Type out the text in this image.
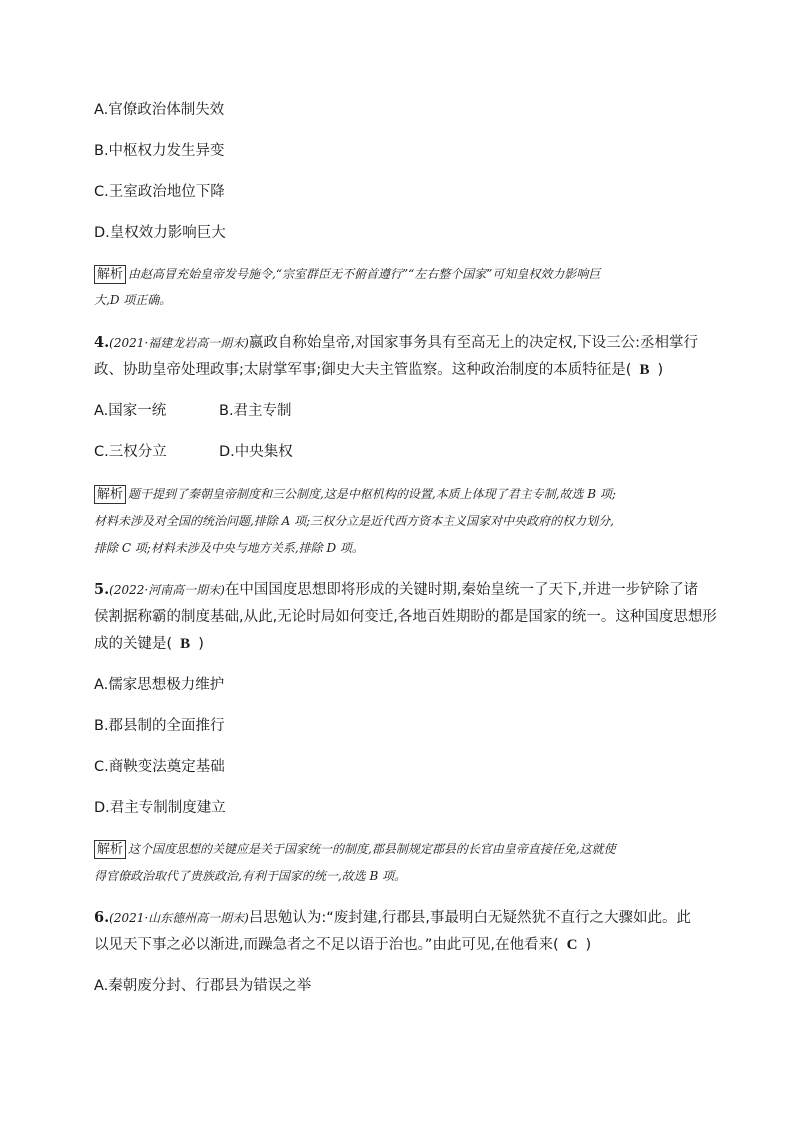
A.官僚政治体制失效
B.中枢权力发生异变
C.王室政治地位下降
D.皇权效力影响巨大
解析 由赵高冒充始皇帝发号施令,“宗室群臣无不俯首遵行”“左右整个国家”可知皇权效力影响巨
大,D 项正确。
4.(2021·福建龙岩高一期末)嬴政自称始皇帝,对国家事务具有至高无上的决定权,下设三公:丞相掌行
政、协助皇帝处理政事;太尉掌军事;御史大夫主管监察。这种政治制度的本质特征是( B )
A.国家一统	B.君主专制
C.三权分立	D.中央集权
解析 题干提到了秦朝皇帝制度和三公制度,这是中枢机构的设置,本质上体现了君主专制,故选 B 项;
材料未涉及对全国的统治问题,排除 A 项;三权分立是近代西方资本主义国家对中央政府的权力划分,
排除 C 项;材料未涉及中央与地方关系,排除 D 项。
5.(2022·河南高一期末)在中国国度思想即将形成的关键时期,秦始皇统一了天下,并进一步铲除了诸
侯割据称霸的制度基础,从此,无论时局如何变迁,各地百姓期盼的都是国家的统一。这种国度思想形
成的关键是( B )
A.儒家思想极力维护
B.郡县制的全面推行
C.商鞅变法奠定基础
D.君主专制制度建立
解析 这个国度思想的关键应是关于国家统一的制度,郡县制规定郡县的长官由皇帝直接任免,这就使
得官僚政治取代了贵族政治,有利于国家的统一,故选 B 项。
6.(2021·山东德州高一期末)吕思勉认为:“废封建,行郡县,事最明白无疑然犹不直行之大骤如此。此
以见天下事之必以渐进,而躁急者之不足以语于治也。”由此可见,在他看来( C )
A.秦朝废分封、行郡县为错误之举
